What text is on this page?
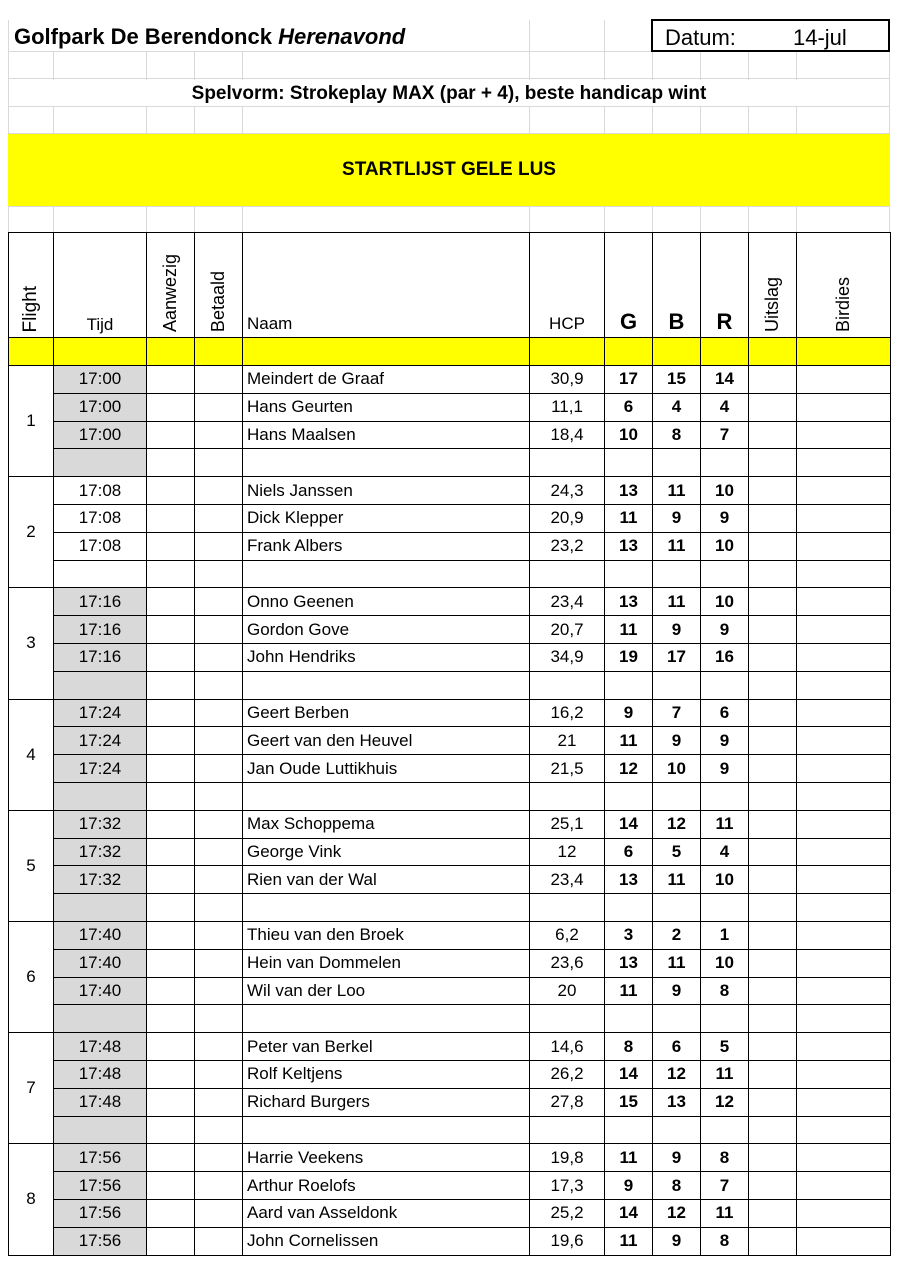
Golfpark De Berendonck Herenavond	Datum:	14-jul
Spelvorm: Strokeplay MAX (par + 4), beste handicap wint
STARTLIJST GELE LUS
Flight	Tijd	Aanwezig	Betaald	Naam	HCP	G	B	R	Uitslag	Birdies

1	17:00			Meindert de Graaf	30,9	17	15	14		
	17:00			Hans Geurten	11,1	6	4	4		
	17:00			Hans Maalsen	18,4	10	8	7		

2	17:08			Niels Janssen	24,3	13	11	10		
	17:08			Dick Klepper	20,9	11	9	9		
	17:08			Frank Albers	23,2	13	11	10		

3	17:16			Onno Geenen	23,4	13	11	10		
	17:16			Gordon Gove	20,7	11	9	9		
	17:16			John Hendriks	34,9	19	17	16		

4	17:24			Geert Berben	16,2	9	7	6		
	17:24			Geert van den Heuvel	21	11	9	9		
	17:24			Jan Oude Luttikhuis	21,5	12	10	9		

5	17:32			Max Schoppema	25,1	14	12	11		
	17:32			George Vink	12	6	5	4		
	17:32			Rien van der Wal	23,4	13	11	10		

6	17:40			Thieu van den Broek	6,2	3	2	1		
	17:40			Hein van Dommelen	23,6	13	11	10		
	17:40			Wil van der Loo	20	11	9	8		

7	17:48			Peter van Berkel	14,6	8	6	5		
	17:48			Rolf Keltjens	26,2	14	12	11		
	17:48			Richard Burgers	27,8	15	13	12		

8	17:56			Harrie Veekens	19,8	11	9	8		
	17:56			Arthur Roelofs	17,3	9	8	7		
	17:56			Aard van Asseldonk	25,2	14	12	11		
	17:56			John Cornelissen	19,6	11	9	8		
